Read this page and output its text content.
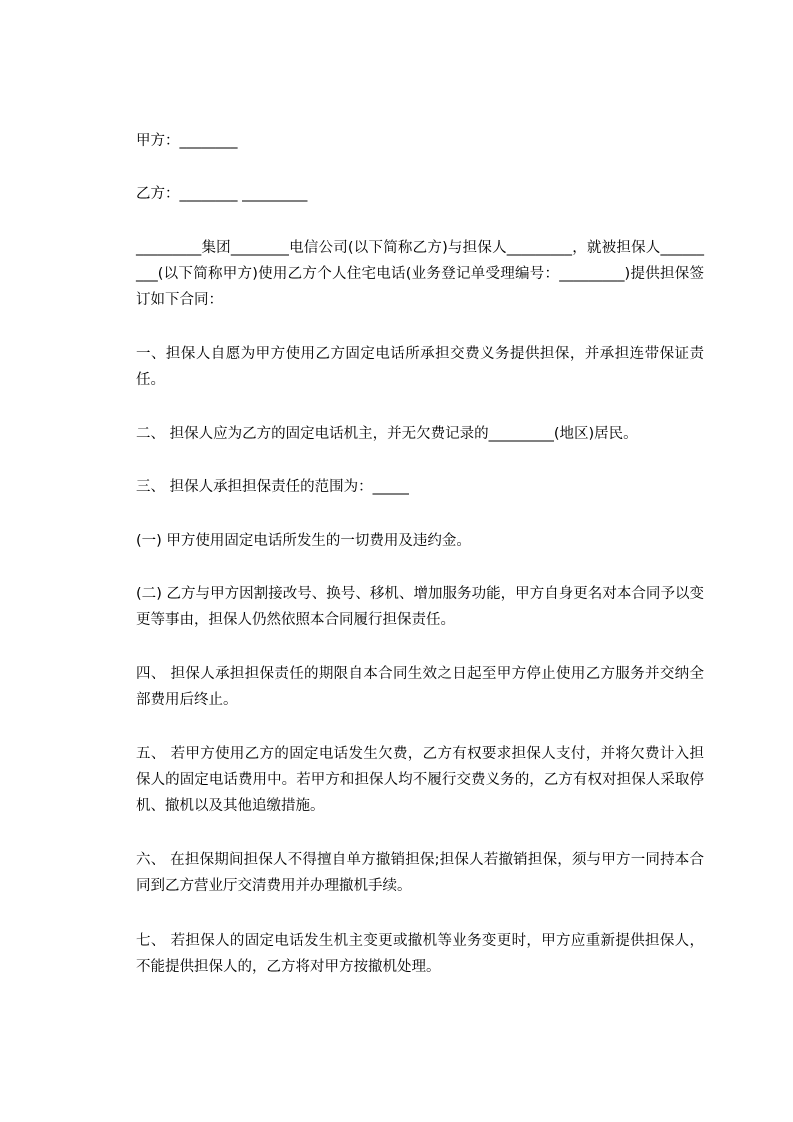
甲方：________

乙方：________ _________

_________集团________电信公司(以下简称乙方)与担保人_________，就被担保人_________(以下简称甲方)使用乙方个人住宅电话(业务登记单受理编号：_________)提供担保签订如下合同：

一、担保人自愿为甲方使用乙方固定电话所承担交费义务提供担保，并承担连带保证责任。

二、 担保人应为乙方的固定电话机主，并无欠费记录的_________(地区)居民。

三、 担保人承担担保责任的范围为：_____

(一) 甲方使用固定电话所发生的一切费用及违约金。

(二) 乙方与甲方因割接改号、换号、移机、增加服务功能，甲方自身更名对本合同予以变更等事由，担保人仍然依照本合同履行担保责任。

四、 担保人承担担保责任的期限自本合同生效之日起至甲方停止使用乙方服务并交纳全部费用后终止。

五、 若甲方使用乙方的固定电话发生欠费，乙方有权要求担保人支付，并将欠费计入担保人的固定电话费用中。若甲方和担保人均不履行交费义务的，乙方有权对担保人采取停机、撤机以及其他追缴措施。

六、 在担保期间担保人不得擅自单方撤销担保;担保人若撤销担保，须与甲方一同持本合同到乙方营业厅交清费用并办理撤机手续。

七、 若担保人的固定电话发生机主变更或撤机等业务变更时，甲方应重新提供担保人，不能提供担保人的，乙方将对甲方按撤机处理。
